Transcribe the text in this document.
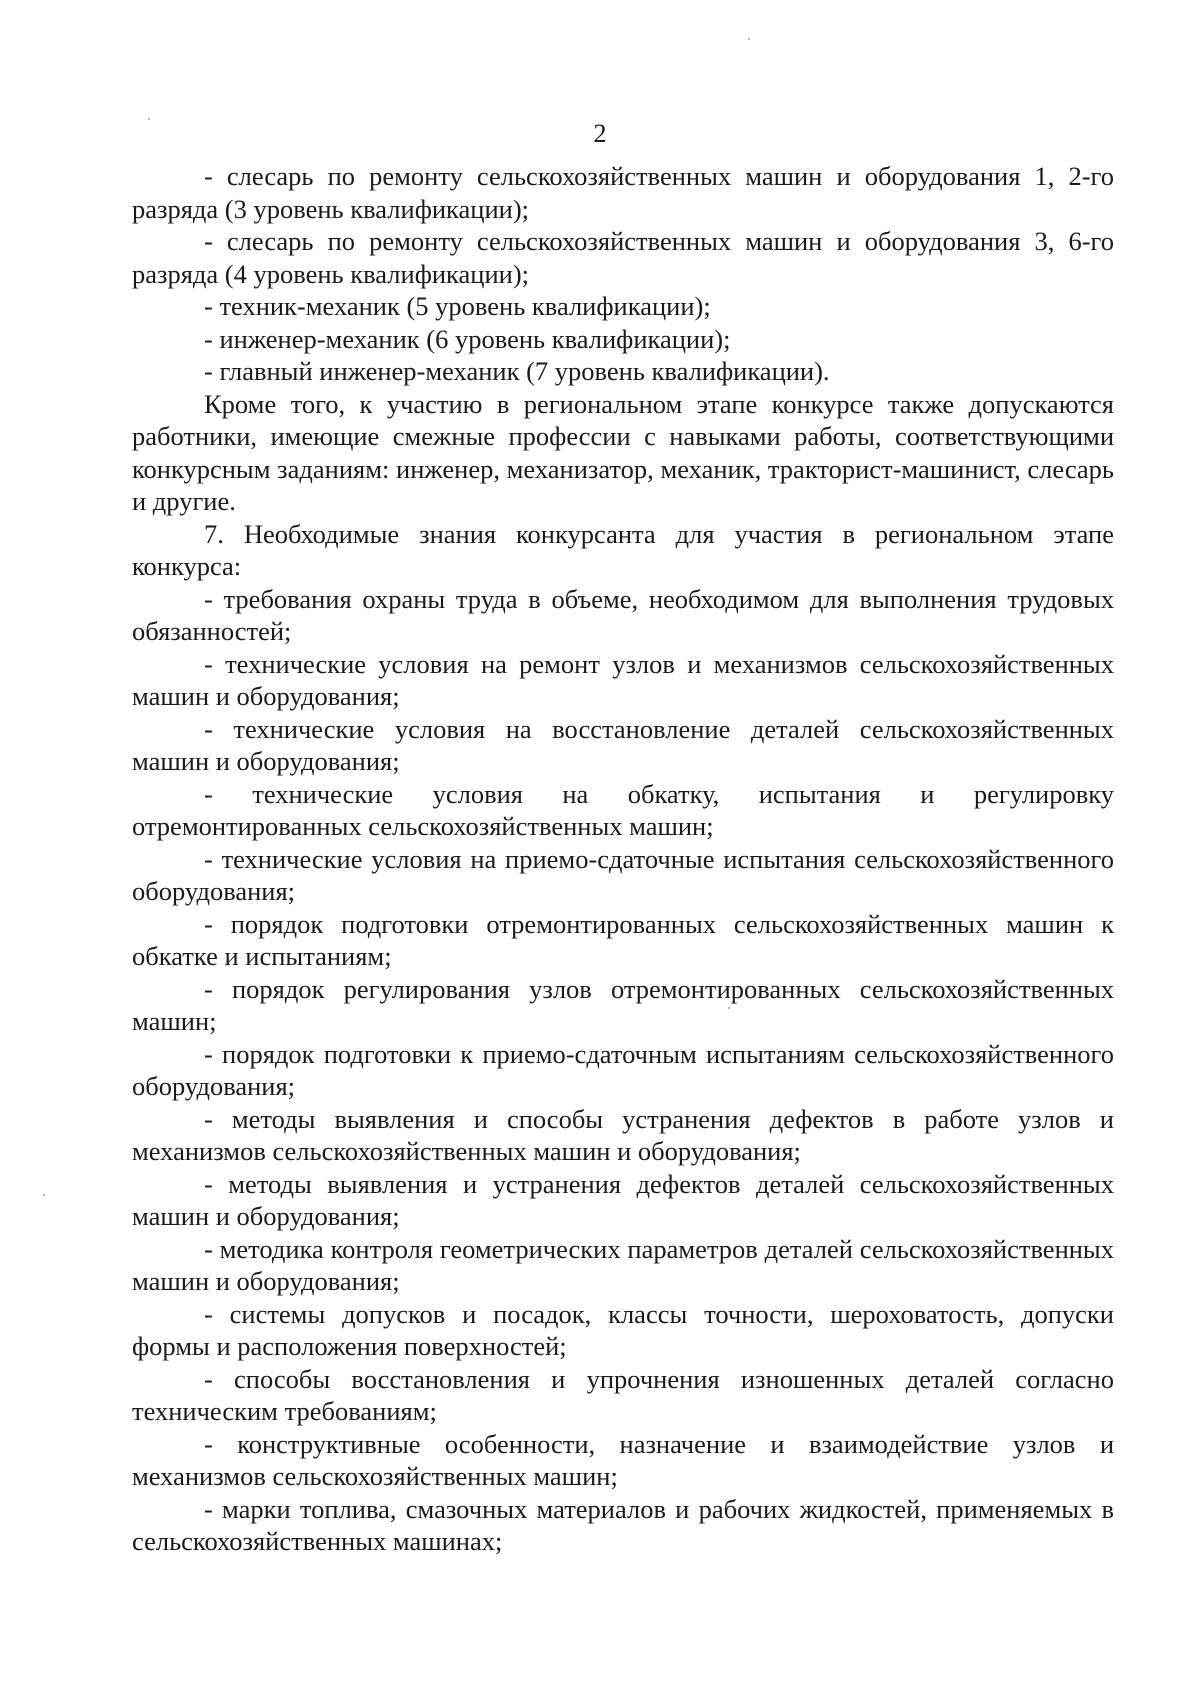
2

- слесарь по ремонту сельскохозяйственных машин и оборудования 1, 2-го разряда (3 уровень квалификации);

- слесарь по ремонту сельскохозяйственных машин и оборудования 3, 6-го разряда (4 уровень квалификации);

- техник-механик (5 уровень квалификации);

- инженер-механик (6 уровень квалификации);

- главный инженер-механик (7 уровень квалификации).

Кроме того, к участию в региональном этапе конкурсе также допускаются работники, имеющие смежные профессии с навыками работы, соответствующими конкурсным заданиям: инженер, механизатор, механик, тракторист-машинист, слесарь и другие.

7. Необходимые знания конкурсанта для участия в региональном этапе конкурса:

- требования охраны труда в объеме, необходимом для выполнения трудовых обязанностей;

- технические условия на ремонт узлов и механизмов сельскохозяйственных машин и оборудования;

- технические условия на восстановление деталей сельскохозяйственных машин и оборудования;

- технические условия на обкатку, испытания и регулировку отремонтированных сельскохозяйственных машин;

- технические условия на приемо-сдаточные испытания сельскохозяйственного оборудования;

- порядок подготовки отремонтированных сельскохозяйственных машин к обкатке и испытаниям;

- порядок регулирования узлов отремонтированных сельскохозяйственных машин;

- порядок подготовки к приемо-сдаточным испытаниям сельскохозяйственного оборудования;

- методы выявления и способы устранения дефектов в работе узлов и механизмов сельскохозяйственных машин и оборудования;

- методы выявления и устранения дефектов деталей сельскохозяйственных машин и оборудования;

- методика контроля геометрических параметров деталей сельскохозяйственных машин и оборудования;

- системы допусков и посадок, классы точности, шероховатость, допуски формы и расположения поверхностей;

- способы восстановления и упрочнения изношенных деталей согласно техническим требованиям;

- конструктивные особенности, назначение и взаимодействие узлов и механизмов сельскохозяйственных машин;

- марки топлива, смазочных материалов и рабочих жидкостей, применяемых в сельскохозяйственных машинах;
